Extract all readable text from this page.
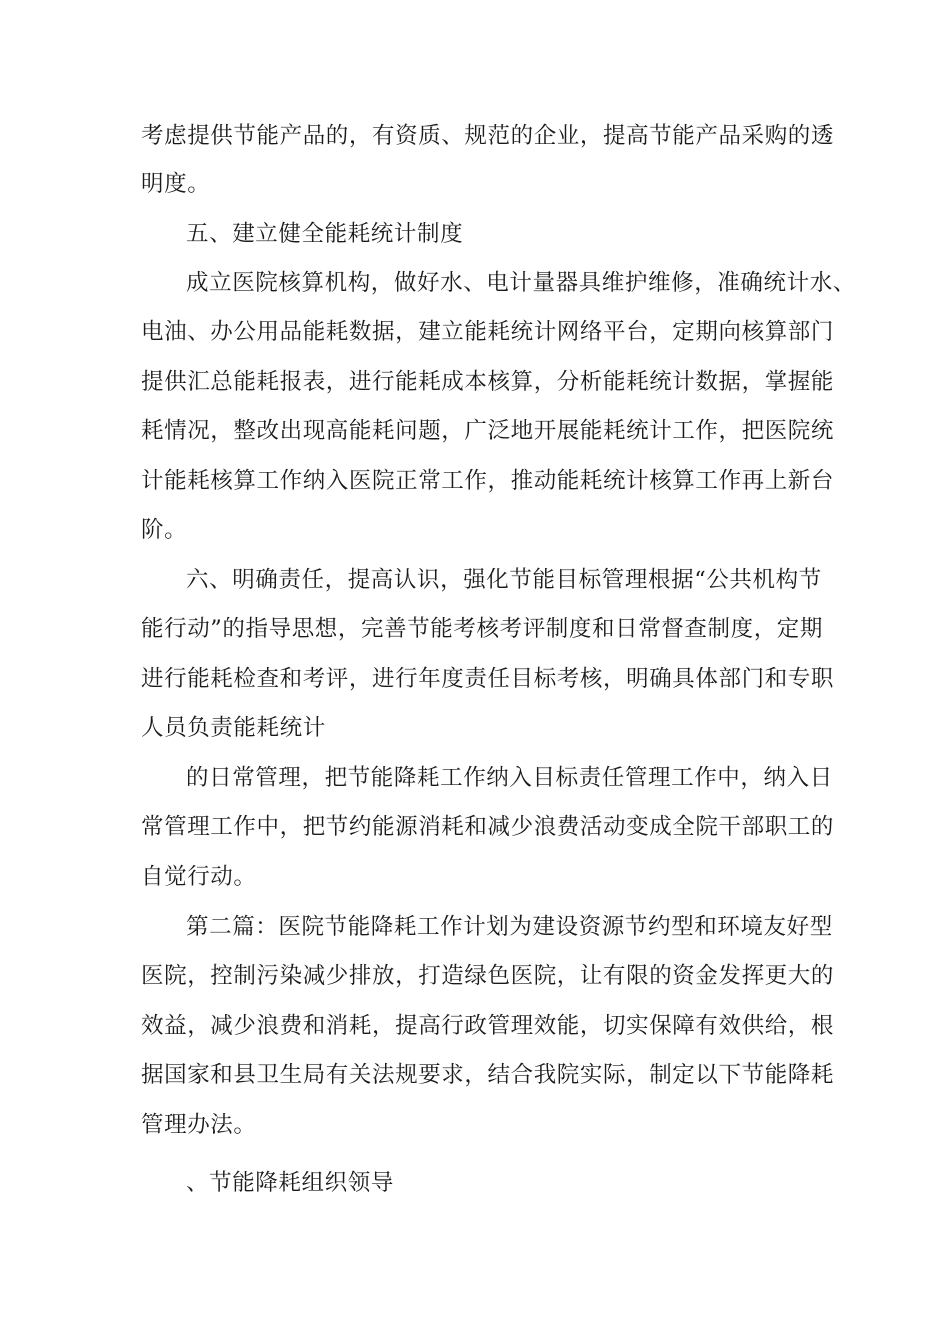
考虑提供节能产品的，有资质、规范的企业，提高节能产品采购的透
明度。
五、建立健全能耗统计制度
成立医院核算机构，做好水、电计量器具维护维修，准确统计水、
电油、办公用品能耗数据，建立能耗统计网络平台，定期向核算部门
提供汇总能耗报表，进行能耗成本核算，分析能耗统计数据，掌握能
耗情况，整改出现高能耗问题，广泛地开展能耗统计工作，把医院统
计能耗核算工作纳入医院正常工作，推动能耗统计核算工作再上新台
阶。
六、明确责任，提高认识，强化节能目标管理根据“公共机构节
能行动”的指导思想，完善节能考核考评制度和日常督查制度，定期
进行能耗检查和考评，进行年度责任目标考核，明确具体部门和专职
人员负责能耗统计
的日常管理，把节能降耗工作纳入目标责任管理工作中，纳入日
常管理工作中，把节约能源消耗和减少浪费活动变成全院干部职工的
自觉行动。
第二篇：医院节能降耗工作计划为建设资源节约型和环境友好型
医院，控制污染减少排放，打造绿色医院，让有限的资金发挥更大的
效益，减少浪费和消耗，提高行政管理效能，切实保障有效供给，根
据国家和县卫生局有关法规要求，结合我院实际，制定以下节能降耗
管理办法。
、节能降耗组织领导
